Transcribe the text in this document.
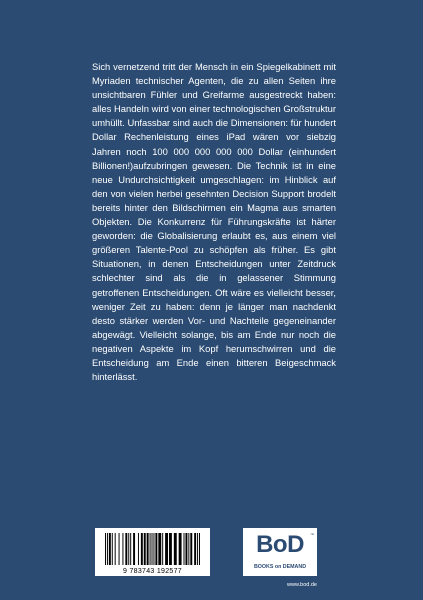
Sich vernetzend tritt der Mensch in ein Spiegelkabinett mit Myriaden technischer Agenten, die zu allen Seiten ihre unsichtbaren Fühler und Greifarme ausgestreckt haben: alles Handeln wird von einer technologischen Großstruktur umhüllt. Unfassbar sind auch die Dimensionen: für hundert Dollar Rechenleistung eines iPad wären vor siebzig Jahren noch 100 000 000 000 000 Dollar (einhundert Billionen!)aufzubringen gewesen. Die Technik ist in eine neue Undurchsichtigkeit umgeschlagen: im Hinblick auf den von vielen herbei gesehnten Decision Support brodelt bereits hinter den Bildschirmen ein Magma aus smarten Objekten. Die Konkurrenz für Führungskräfte ist härter geworden: die Globalisierung erlaubt es, aus einem viel größeren Talente-Pool zu schöpfen als früher. Es gibt Situationen, in denen Entscheidungen unter Zeitdruck schlechter sind als die in gelassener Stimmung getroffenen Entscheidungen. Oft wäre es vielleicht besser, weniger Zeit zu haben: denn je länger man nachdenkt desto stärker werden Vor- und Nachteile gegeneinander abgewägt. Vielleicht solange, bis am Ende nur noch die negativen Aspekte im Kopf herumschwirren und die Entscheidung am Ende einen bitteren Beigeschmack hinterlässt.

9 783743 192577
BoD	™
BOOKS on DEMAND
www.bod.de
